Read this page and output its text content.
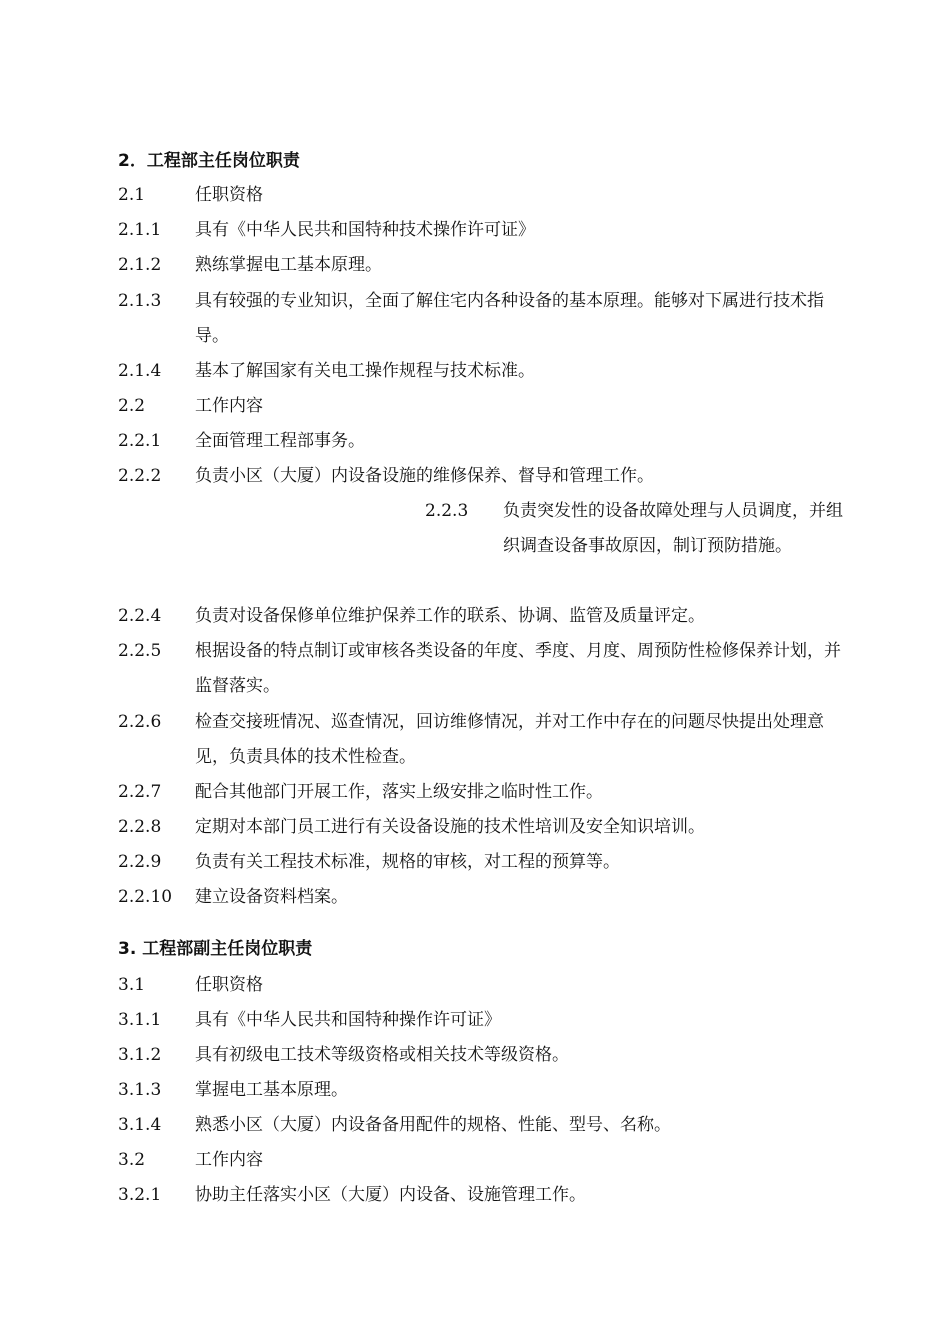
2．工程部主任岗位职责
2.1	任职资格
2.1.1 具有《中华人民共和国特种技术操作许可证》
2.1.2 熟练掌握电工基本原理。
2.1.3 具有较强的专业知识，全面了解住宅内各种设备的基本原理。能够对下属进行技术指导。
2.1.4 基本了解国家有关电工操作规程与技术标准。
2.2	工作内容
2.2.1 全面管理工程部事务。
2.2.2 负责小区（大厦）内设备设施的维修保养、督导和管理工作。
2.2.3 负责突发性的设备故障处理与人员调度，并组织调查设备事故原因，制订预防措施。
2.2.4 负责对设备保修单位维护保养工作的联系、协调、监管及质量评定。
2.2.5 根据设备的特点制订或审核各类设备的年度、季度、月度、周预防性检修保养计划，并监督落实。
2.2.6 检查交接班情况、巡查情况，回访维修情况，并对工作中存在的问题尽快提出处理意见，负责具体的技术性检查。
2.2.7 配合其他部门开展工作，落实上级安排之临时性工作。
2.2.8 定期对本部门员工进行有关设备设施的技术性培训及安全知识培训。
2.2.9 负责有关工程技术标准，规格的审核，对工程的预算等。
2.2.10 建立设备资料档案。
3. 工程部副主任岗位职责
3.1	任职资格
3.1.1 具有《中华人民共和国特种操作许可证》
3.1.2 具有初级电工技术等级资格或相关技术等级资格。
3.1.3 掌握电工基本原理。
3.1.4 熟悉小区（大厦）内设备备用配件的规格、性能、型号、名称。
3.2	工作内容
3.2.1 协助主任落实小区（大厦）内设备、设施管理工作。
